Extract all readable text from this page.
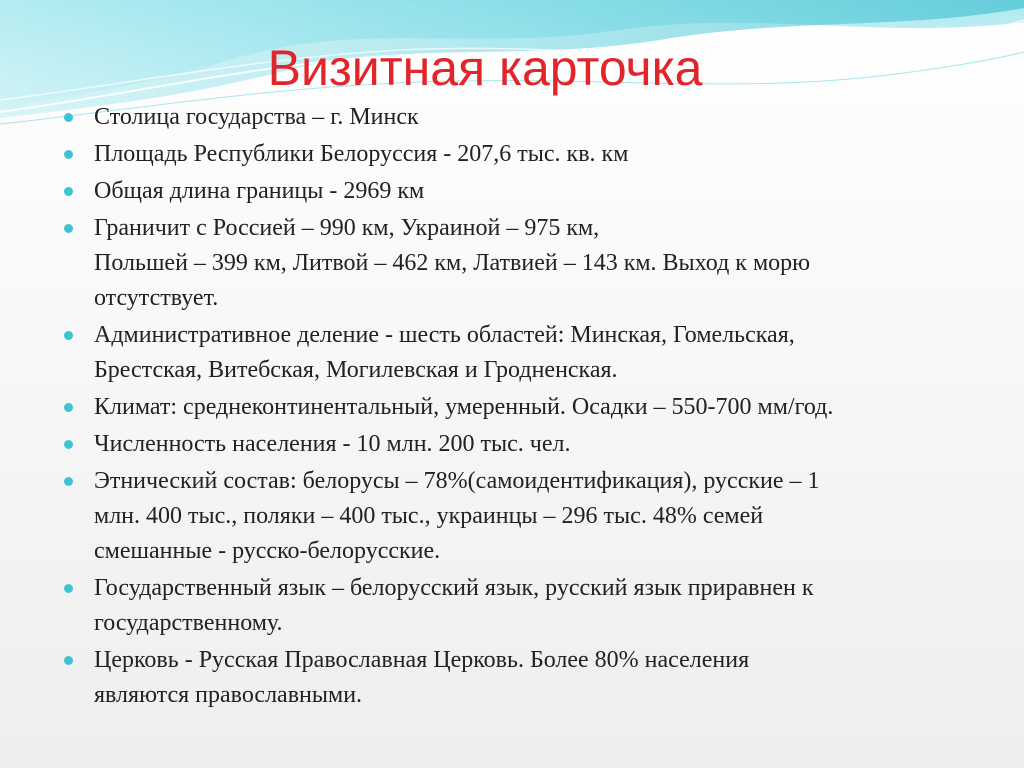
Визитная карточка
Столица государства – г. Минск
Площадь Республики Белоруссия - 207,6 тыс. кв. км
Общая длина границы - 2969 км
Граничит с Россией – 990 км, Украиной – 975 км,
Польшей – 399 км, Литвой – 462 км, Латвией – 143 км. Выход к морю
отсутствует.
Административное деление - шесть областей: Минская, Гомельская,
Брестская, Витебская, Могилевская и Гродненская.
Климат: среднеконтинентальный, умеренный. Осадки – 550-700 мм/год.
Численность населения - 10 млн. 200 тыс. чел.
Этнический состав: белорусы – 78%(самоидентификация), русские – 1
млн. 400 тыс., поляки – 400 тыс., украинцы – 296 тыс. 48% семей
смешанные - русско-белорусские.
Государственный язык – белорусский язык, русский язык приравнен к
государственному.
Церковь - Русская Православная Церковь. Более 80% населения
являются православными.
